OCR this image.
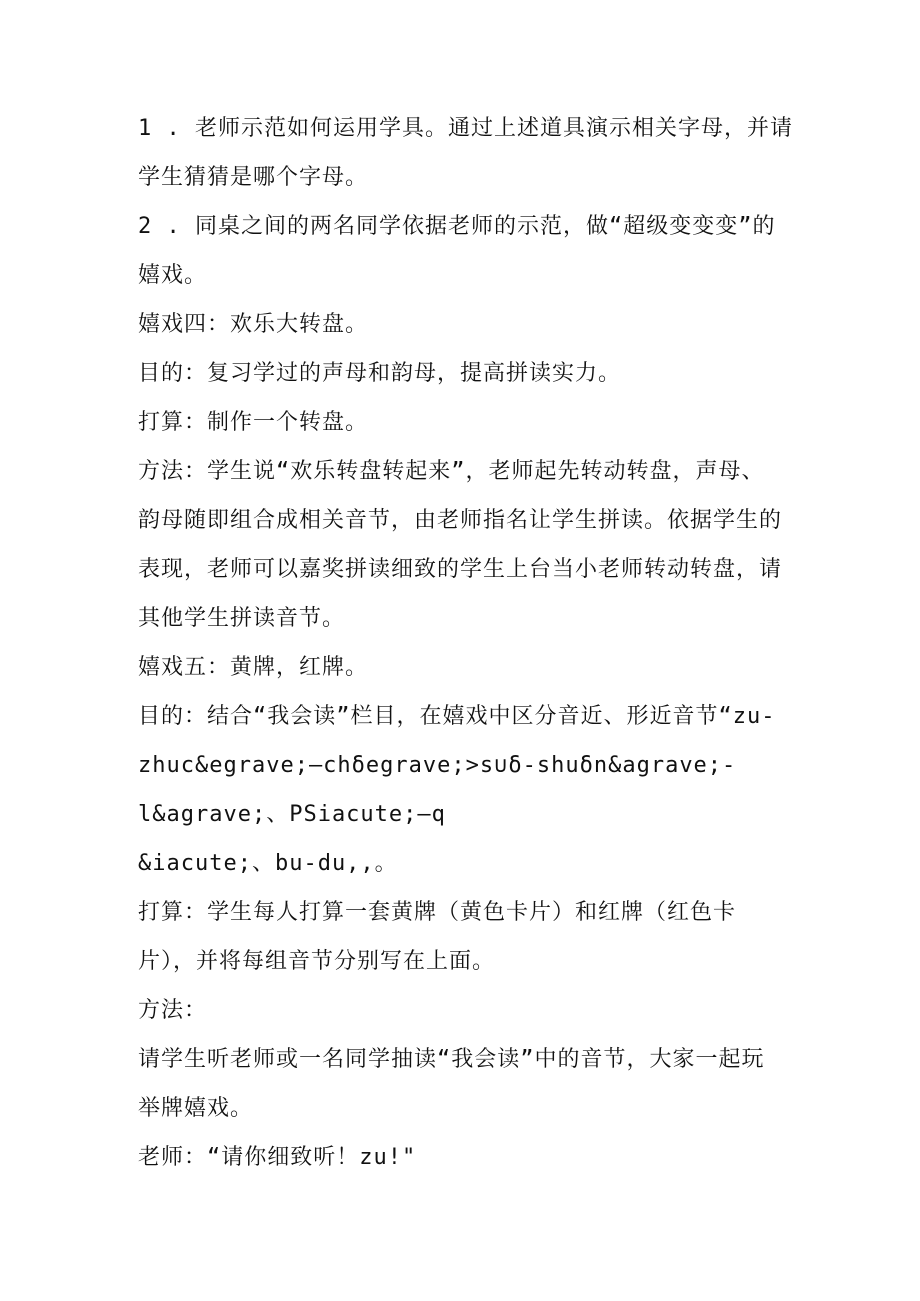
1 . 老师示范如何运用学具。通过上述道具演示相关字母，并请
学生猜猜是哪个字母。
2 . 同桌之间的两名同学依据老师的示范，做“超级变变变”的
嬉戏。
嬉戏四：欢乐大转盘。
目的：复习学过的声母和韵母，提高拼读实力。
打算：制作一个转盘。
方法：学生说“欢乐转盘转起来”，老师起先转动转盘，声母、
韵母随即组合成相关音节，由老师指名让学生拼读。依据学生的
表现，老师可以嘉奖拼读细致的学生上台当小老师转动转盘，请
其他学生拼读音节。
嬉戏五：黄牌，红牌。
目的：结合“我会读”栏目，在嬉戏中区分音近、形近音节“zu-
zhuc&egrave;—chδegrave;>s∪δ-shuδn&agrave;-
l&agrave;、PSiacute;—q
&iacute;、bu-du,,。
打算：学生每人打算一套黄牌（黄色卡片）和红牌（红色卡
片），并将每组音节分别写在上面。
方法：
请学生听老师或一名同学抽读“我会读”中的音节，大家一起玩
举牌嬉戏。
老师：“请你细致听！zu!"
